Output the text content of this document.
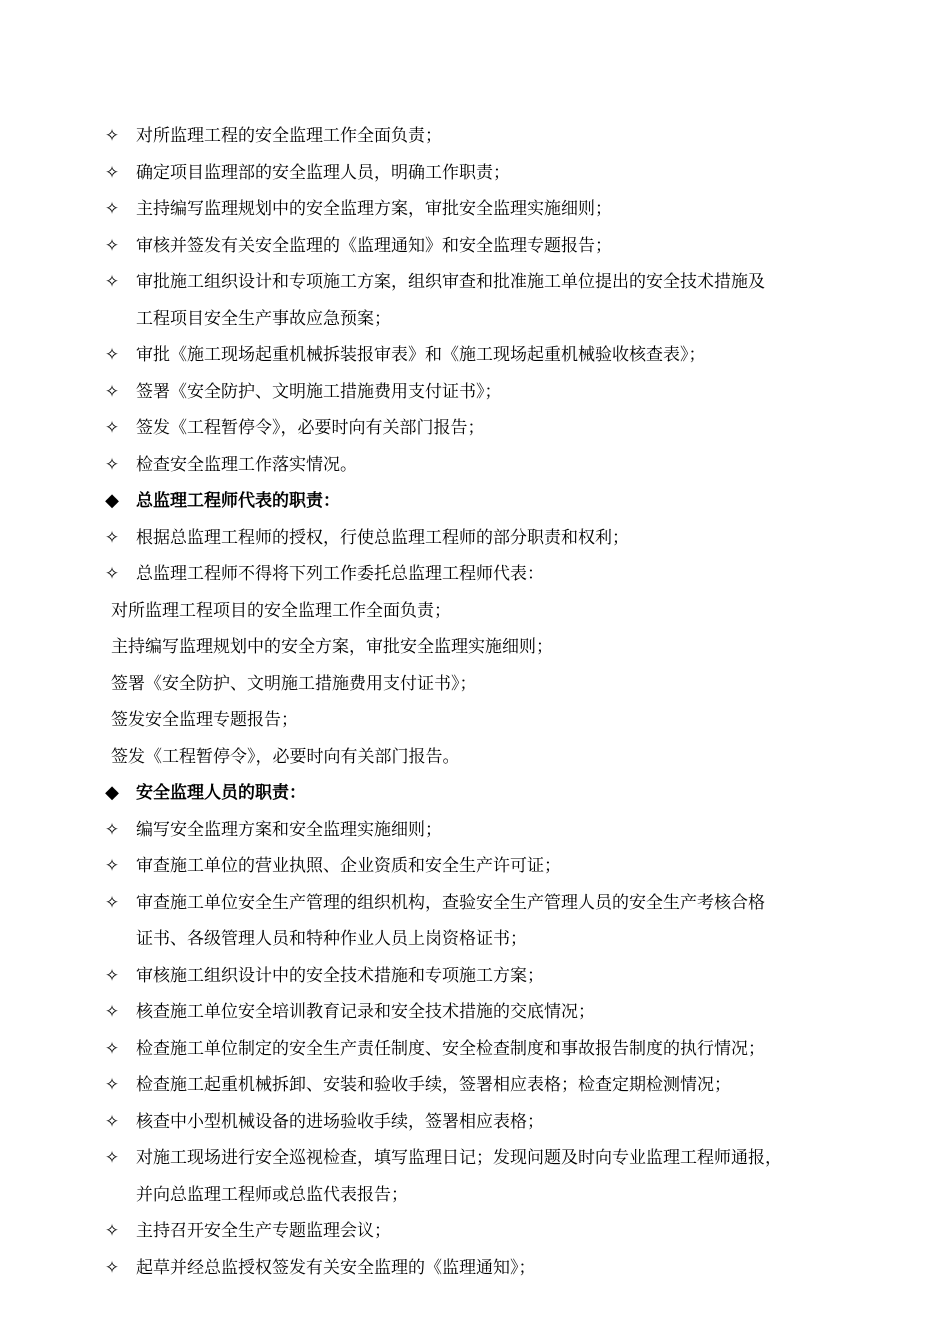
✧ 对所监理工程的安全监理工作全面负责；
✧ 确定项目监理部的安全监理人员，明确工作职责；
✧ 主持编写监理规划中的安全监理方案，审批安全监理实施细则；
✧ 审核并签发有关安全监理的《监理通知》和安全监理专题报告；
✧ 审批施工组织设计和专项施工方案，组织审查和批准施工单位提出的安全技术措施及
工程项目安全生产事故应急预案；
✧ 审批《施工现场起重机械拆装报审表》和《施工现场起重机械验收核查表》；
✧ 签署《安全防护、文明施工措施费用支付证书》；
✧ 签发《工程暂停令》，必要时向有关部门报告；
✧ 检查安全监理工作落实情况。
◆ 总监理工程师代表的职责：
✧ 根据总监理工程师的授权，行使总监理工程师的部分职责和权利；
✧ 总监理工程师不得将下列工作委托总监理工程师代表：
对所监理工程项目的安全监理工作全面负责；
主持编写监理规划中的安全方案，审批安全监理实施细则；
签署《安全防护、文明施工措施费用支付证书》；
签发安全监理专题报告；
签发《工程暂停令》，必要时向有关部门报告。
◆ 安全监理人员的职责：
✧ 编写安全监理方案和安全监理实施细则；
✧ 审查施工单位的营业执照、企业资质和安全生产许可证；
✧ 审查施工单位安全生产管理的组织机构，查验安全生产管理人员的安全生产考核合格
证书、各级管理人员和特种作业人员上岗资格证书；
✧ 审核施工组织设计中的安全技术措施和专项施工方案；
✧ 核查施工单位安全培训教育记录和安全技术措施的交底情况；
✧ 检查施工单位制定的安全生产责任制度、安全检查制度和事故报告制度的执行情况；
✧ 检查施工起重机械拆卸、安装和验收手续，签署相应表格；检查定期检测情况；
✧ 核查中小型机械设备的进场验收手续，签署相应表格；
✧ 对施工现场进行安全巡视检查，填写监理日记；发现问题及时向专业监理工程师通报，
并向总监理工程师或总监代表报告；
✧ 主持召开安全生产专题监理会议；
✧ 起草并经总监授权签发有关安全监理的《监理通知》；
